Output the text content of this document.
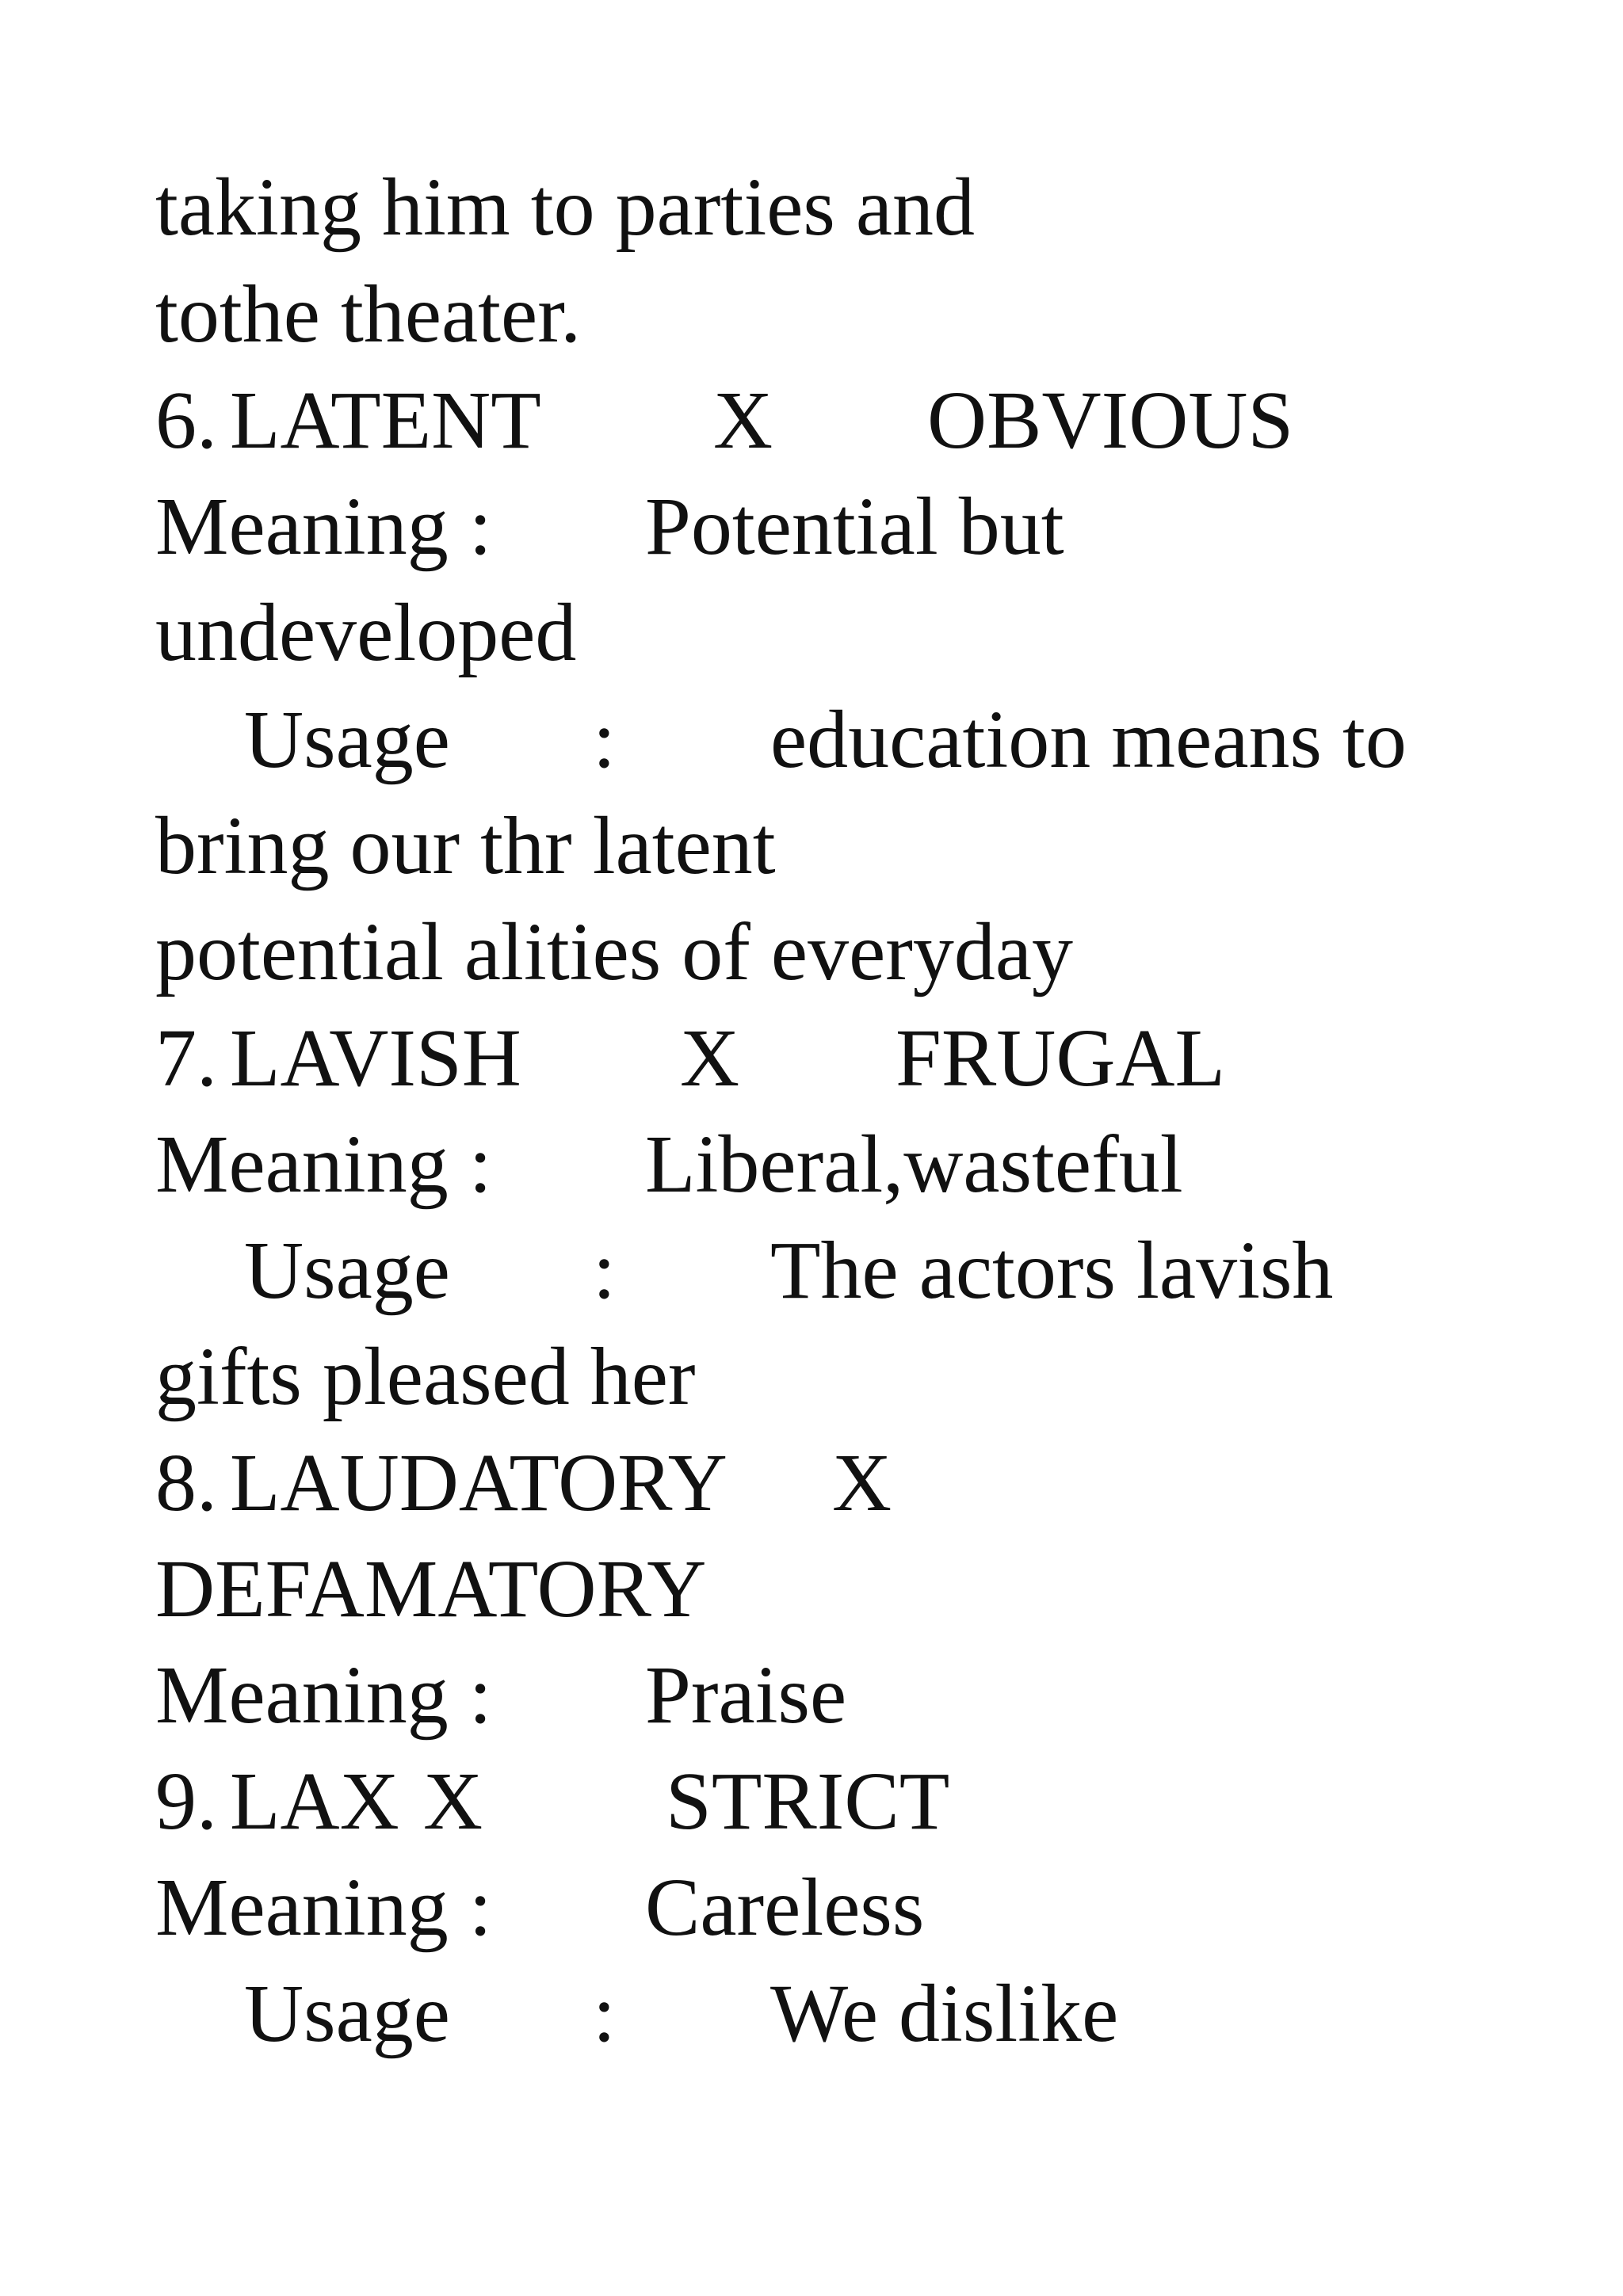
taking him to parties and
tothe theater.
6. LATENT X OBVIOUS
Meaning : Potential but
undeveloped
Usage : education means to
bring our thr latent
potential alities of everyday
7. LAVISH X FRUGAL
Meaning : Liberal,wasteful
Usage : The actors lavish
gifts pleased her
8. LAUDATORY X
DEFAMATORY
Meaning : Praise
9. LAX X STRICT
Meaning : Careless
Usage : We dislike
